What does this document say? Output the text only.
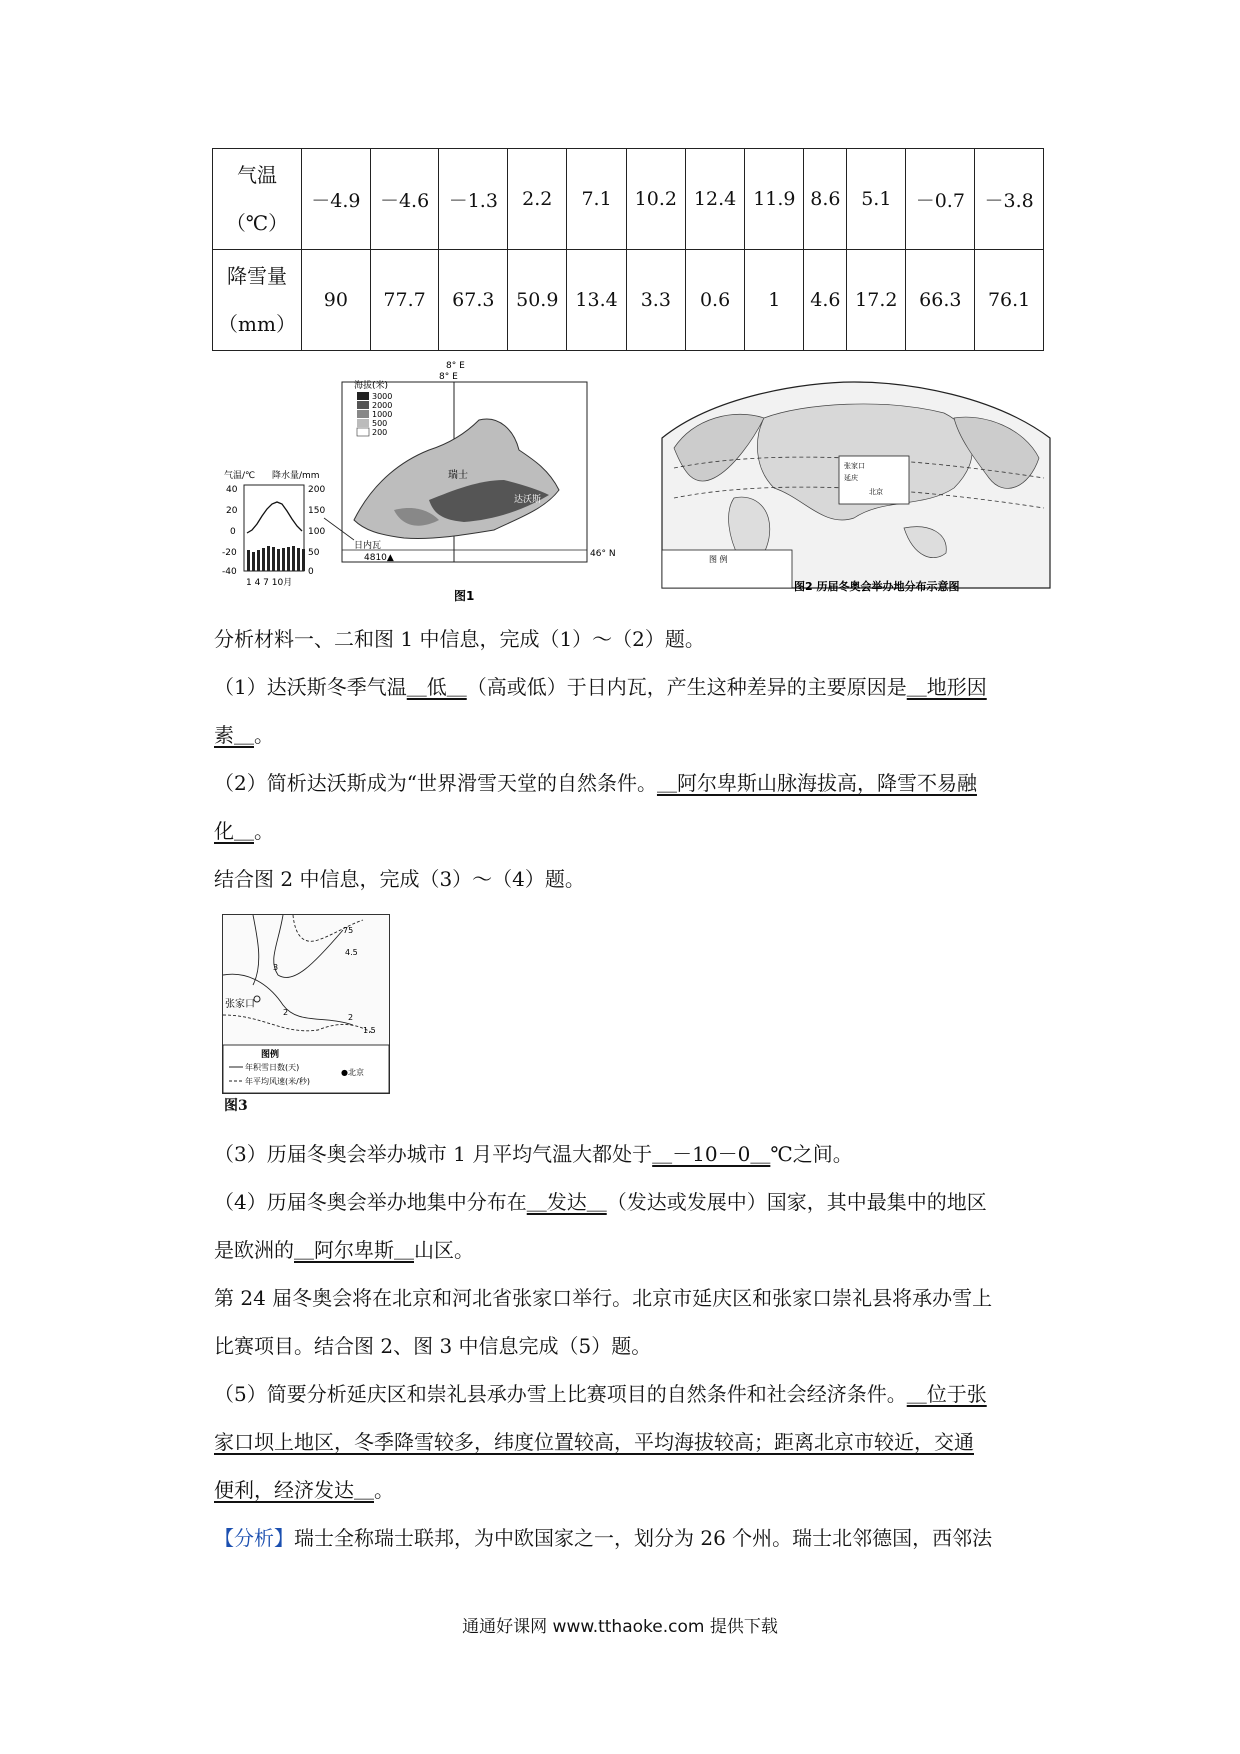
气温
（℃）	－4.9	－4.6	－1.3	2.2	7.1	10.2	12.4	11.9	8.6	5.1	－0.7	－3.8

降雪量
（mm）	90	77.7	67.3	50.9	13.4	3.3	0.6	1	4.6	17.2	66.3	76.1
气温/℃ 降水量/mm
40
20
0
-20
-40
200
150
100
50
0
1 4 7 10月
8° E
8° E
海拔(米)
3000
2000
1000
500
200
瑞士
日内瓦
达沃斯
4810▲	46° N
图1
张家口
延庆
北京
图 例
图2 历届冬奥会举办地分布示意图
分析材料一、二和图 1 中信息，完成（1）～（2）题。
（1）达沃斯冬季气温＿低＿（高或低）于日内瓦，产生这种差异的主要原因是＿地形因
素＿。
（2）简析达沃斯成为“世界滑雪天堂的自然条件。＿阿尔卑斯山脉海拔高，降雪不易融
化＿。
结合图 2 中信息，完成（3）～（4）题。
张家口
75
4.5
3
2
1.5
2
图例
年积雪日数(天)
年平均风速(米/秒)
●北京
图3
（3）历届冬奥会举办城市 1 月平均气温大都处于＿－10－0＿℃之间。
（4）历届冬奥会举办地集中分布在＿发达＿（发达或发展中）国家，其中最集中的地区
是欧洲的＿阿尔卑斯＿山区。
第 24 届冬奥会将在北京和河北省张家口举行。北京市延庆区和张家口崇礼县将承办雪上
比赛项目。结合图 2、图 3 中信息完成（5）题。
（5）简要分析延庆区和崇礼县承办雪上比赛项目的自然条件和社会经济条件。＿位于张
家口坝上地区，冬季降雪较多，纬度位置较高，平均海拔较高；距离北京市较近，交通
便利，经济发达＿。
【分析】瑞士全称瑞士联邦，为中欧国家之一，划分为 26 个州。瑞士北邻德国，西邻法
通通好课网 www.tthaoke.com 提供下载
